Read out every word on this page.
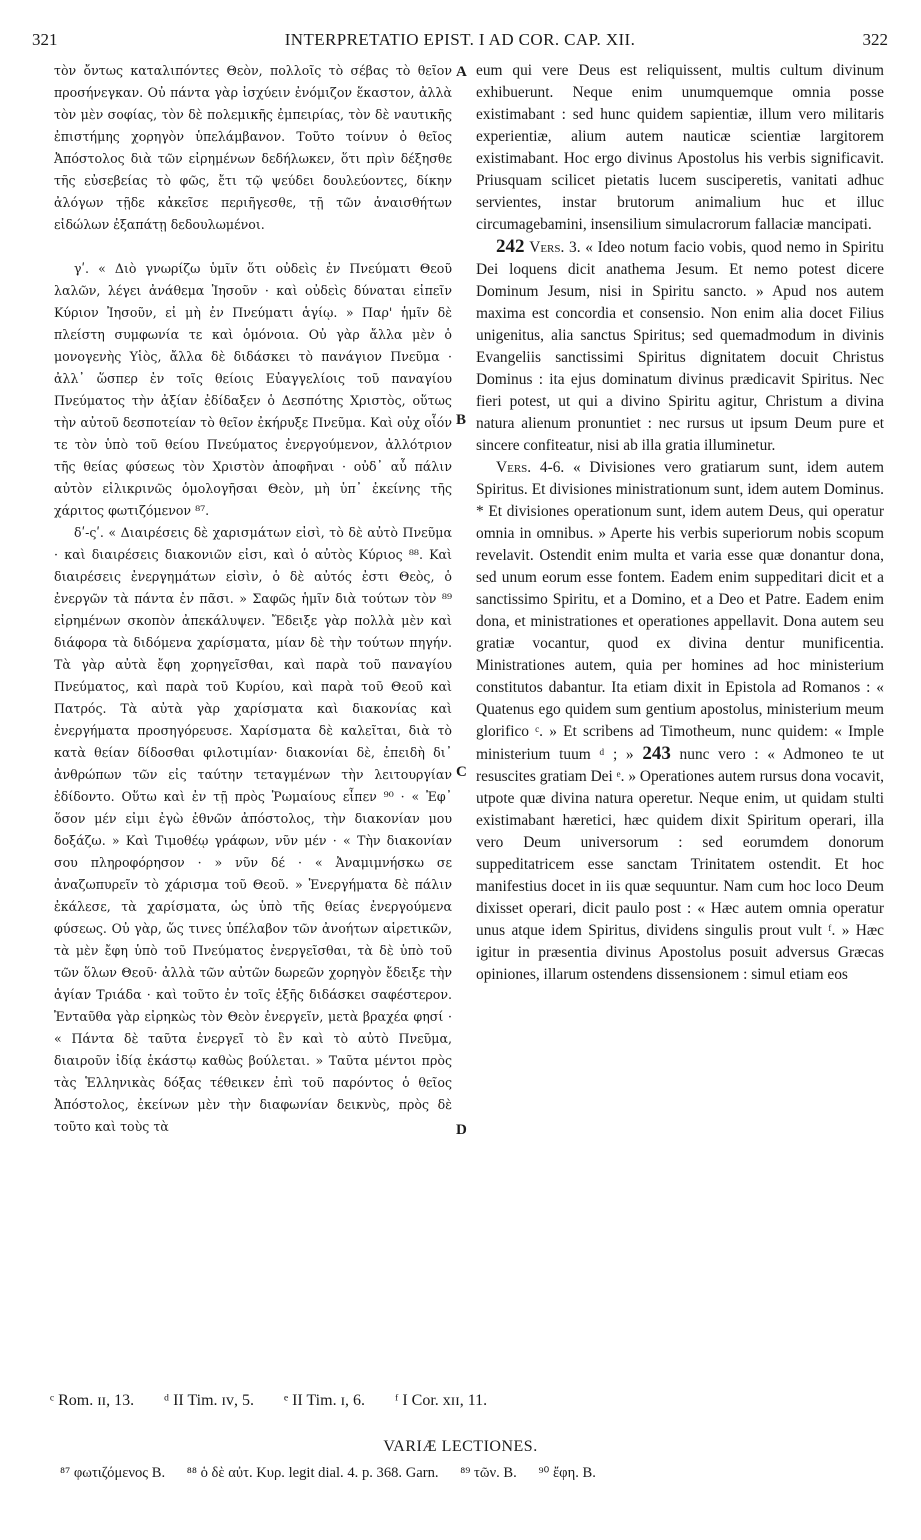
321	INTERPRETATIO EPIST. I AD COR. CAP. XII.	322

τὸν ὄντως καταλιπόντες Θεὸν, πολλοῖς τὸ σέβας τὸ θεῖον προσήνεγκαν. Οὐ πάντα γὰρ ἰσχύειν ἐνόμιζον ἕκαστον, ἀλλὰ τὸν μὲν σοφίας, τὸν δὲ πολεμικῆς ἐμπειρίας, τὸν δὲ ναυτικῆς ἐπιστήμης χορηγὸν ὑπελάμβανον. Τοῦτο τοίνυν ὁ θεῖος Ἀπόστολος διὰ τῶν εἰρημένων δεδήλωκεν, ὅτι πρὶν δέξησθε τῆς εὐσεβείας τὸ φῶς, ἔτι τῷ ψεύδει δουλεύοντες, δίκην ἀλόγων τῇδε κἀκεῖσε περιῆγεσθε, τῇ τῶν ἀναισθήτων εἰδώλων ἐξαπάτῃ δεδουλωμένοι.

γʹ. « Διὸ γνωρίζω ὑμῖν ὅτι οὐδεὶς ἐν Πνεύματι Θεοῦ λαλῶν, λέγει ἀνάθεμα Ἰησοῦν · καὶ οὐδεὶς δύναται εἰπεῖν Κύριον Ἰησοῦν, εἰ μὴ ἐν Πνεύματι ἁγίῳ. » Παρ' ἡμῖν δὲ πλείστη συμφωνία τε καὶ ὁμόνοια. Οὐ γὰρ ἄλλα μὲν ὁ μονογενὴς Υἱὸς, ἄλλα δὲ διδάσκει τὸ πανάγιον Πνεῦμα · ἀλλ᾽ ὥσπερ ἐν τοῖς θείοις Εὐαγγελίοις τοῦ παναγίου Πνεύματος τὴν ἀξίαν ἐδίδαξεν ὁ Δεσπότης Χριστὸς, οὕτως τὴν αὐτοῦ δεσποτείαν τὸ θεῖον ἐκήρυξε Πνεῦμα. Καὶ οὐχ οἷόν τε τὸν ὑπὸ τοῦ θείου Πνεύματος ἐνεργούμενον, ἀλλότριον τῆς θείας φύσεως τὸν Χριστὸν ἀποφῆναι · οὐδ᾽ αὖ πάλιν αὐτὸν εἰλικρινῶς ὁμολογῆσαι Θεὸν, μὴ ὑπ᾽ ἐκείνης τῆς χάριτος φωτιζόμενον ⁸⁷.

δʹ-ςʹ. « Διαιρέσεις δὲ χαρισμάτων εἰσὶ, τὸ δὲ αὐτὸ Πνεῦμα · καὶ διαιρέσεις διακονιῶν εἰσι, καὶ ὁ αὐτὸς Κύριος ⁸⁸. Καὶ διαιρέσεις ἐνεργημάτων εἰσὶν, ὁ δὲ αὐτός ἐστι Θεὸς, ὁ ἐνεργῶν τὰ πάντα ἐν πᾶσι. » Σαφῶς ἡμῖν διὰ τούτων τὸν ⁸⁹ εἰρημένων σκοπὸν ἀπεκάλυψεν. Ἔδειξε γὰρ πολλὰ μὲν καὶ διάφορα τὰ διδόμενα χαρίσματα, μίαν δὲ τὴν τούτων πηγήν. Τὰ γὰρ αὐτὰ ἔφη χορηγεῖσθαι, καὶ παρὰ τοῦ παναγίου Πνεύματος, καὶ παρὰ τοῦ Κυρίου, καὶ παρὰ τοῦ Θεοῦ καὶ Πατρός. Τὰ αὐτὰ γὰρ χαρίσματα καὶ διακονίας καὶ ἐνεργήματα προσηγόρευσε. Χαρίσματα δὲ καλεῖται, διὰ τὸ κατὰ θείαν δίδοσθαι φιλοτιμίαν· διακονίαι δὲ, ἐπειδὴ δι᾽ ἀνθρώπων τῶν εἰς ταύτην τεταγμένων τὴν λειτουργίαν ἐδίδοντο. Οὕτω καὶ ἐν τῇ πρὸς Ῥωμαίους εἶπεν ⁹⁰ · « Ἐφ᾽ ὅσον μέν εἰμι ἐγὼ ἐθνῶν ἀπόστολος, τὴν διακονίαν μου δοξάζω. » Καὶ Τιμοθέῳ γράφων, νῦν μέν · « Τὴν διακονίαν σου πληροφόρησον · » νῦν δέ · « Ἀναμιμνήσκω σε ἀναζωπυρεῖν τὸ χάρισμα τοῦ Θεοῦ. » Ἐνεργήματα δὲ πάλιν ἐκάλεσε, τὰ χαρίσματα, ὡς ὑπὸ τῆς θείας ἐνεργούμενα φύσεως. Οὐ γὰρ, ὥς τινες ὑπέλαβον τῶν ἀνοήτων αἱρετικῶν, τὰ μὲν ἔφη ὑπὸ τοῦ Πνεύματος ἐνεργεῖσθαι, τὰ δὲ ὑπὸ τοῦ τῶν ὅλων Θεοῦ· ἀλλὰ τῶν αὐτῶν δωρεῶν χορηγὸν ἔδειξε τὴν ἁγίαν Τριάδα · καὶ τοῦτο ἐν τοῖς ἑξῆς διδάσκει σαφέστερον. Ἐνταῦθα γὰρ εἰρηκὼς τὸν Θεὸν ἐνεργεῖν, μετὰ βραχέα φησί · « Πάντα δὲ ταῦτα ἐνεργεῖ τὸ ἓν καὶ τὸ αὐτὸ Πνεῦμα, διαιροῦν ἰδίᾳ ἑκάστῳ καθὼς βούλεται. » Ταῦτα μέντοι πρὸς τὰς Ἑλληνικὰς δόξας τέθεικεν ἐπὶ τοῦ παρόντος ὁ θεῖος Ἀπόστολος, ἐκείνων μὲν τὴν διαφωνίαν δεικνὺς, πρὸς δὲ τοῦτο καὶ τοὺς τὰ

A
B
C
D

eum qui vere Deus est reliquissent, multis cultum divinum exhibuerunt. Neque enim unumquemque omnia posse existimabant : sed hunc quidem sapientiæ, illum vero militaris experientiæ, alium autem nauticæ scientiæ largitorem existimabant. Hoc ergo divinus Apostolus his verbis significavit. Priusquam scilicet pietatis lucem susciperetis, vanitati adhuc servientes, instar brutorum animalium huc et illuc circumagebamini, insensilium simulacrorum fallaciæ mancipati.

242 Vers. 3. « Ideo notum facio vobis, quod nemo in Spiritu Dei loquens dicit anathema Jesum. Et nemo potest dicere Dominum Jesum, nisi in Spiritu sancto. » Apud nos autem maxima est concordia et consensio. Non enim alia docet Filius unigenitus, alia sanctus Spiritus; sed quemadmodum in divinis Evangeliis sanctissimi Spiritus dignitatem docuit Christus Dominus : ita ejus dominatum divinus prædicavit Spiritus. Nec fieri potest, ut qui a divino Spiritu agitur, Christum a divina natura alienum pronuntiet : nec rursus ut ipsum Deum pure et sincere confiteatur, nisi ab illa gratia illuminetur.

Vers. 4-6. « Divisiones vero gratiarum sunt, idem autem Spiritus. Et divisiones ministrationum sunt, idem autem Dominus. * Et divisiones operationum sunt, idem autem Deus, qui operatur omnia in omnibus. » Aperte his verbis superiorum nobis scopum revelavit. Ostendit enim multa et varia esse quæ donantur dona, sed unum eorum esse fontem. Eadem enim suppeditari dicit et a sanctissimo Spiritu, et a Domino, et a Deo et Patre. Eadem enim dona, et ministrationes et operationes appellavit. Dona autem seu gratiæ vocantur, quod ex divina dentur munificentia. Ministrationes autem, quia per homines ad hoc ministerium constitutos dabantur. Ita etiam dixit in Epistola ad Romanos : « Quatenus ego quidem sum gentium apostolus, ministerium meum glorifico ᶜ. » Et scribens ad Timotheum, nunc quidem: « Imple ministerium tuum ᵈ ; » 243 nunc vero : « Admoneo te ut resuscites gratiam Dei ᵉ. » Operationes autem rursus dona vocavit, utpote quæ divina natura operetur. Neque enim, ut quidam stulti existimabant hæretici, hæc quidem dixit Spiritum operari, illa vero Deum universorum : sed eorumdem donorum suppeditatricem esse sanctam Trinitatem ostendit. Et hoc manifestius docet in iis quæ sequuntur. Nam cum hoc loco Deum dixisset operari, dicit paulo post : « Hæc autem omnia operatur unus atque idem Spiritus, dividens singulis prout vult ᶠ. » Hæc igitur in præsentia divinus Apostolus posuit adversus Græcas opiniones, illarum ostendens dissensionem : simul etiam eos

ᶜ Rom. ɪɪ, 13. ᵈ II Tim. ɪᴠ, 5. ᵉ II Tim. ɪ, 6. ᶠ I Cor. xɪɪ, 11.
VARIÆ LECTIONES.
⁸⁷ φωτιζόμενος B. ⁸⁸ ὁ δὲ αὐτ. Κυρ. legit dial. 4. p. 368. Garn. ⁸⁹ τῶν. B. ⁹⁰ ἔφη. B.
